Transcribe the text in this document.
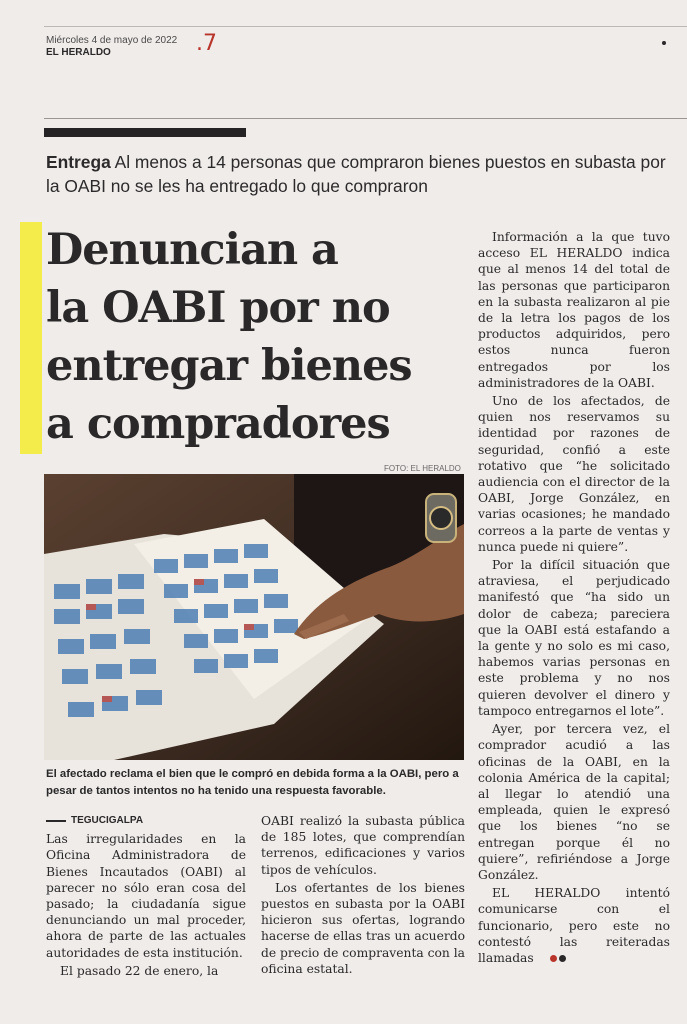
Miércoles 4 de mayo de 2022
EL HERALDO	.7
Entrega Al menos a 14 personas que compraron bienes puestos en subasta por la OABI no se les ha entregado lo que compraron
Denuncian a
la OABI por no
entregar bienes
a compradores
FOTO: EL HERALDO
El afectado reclama el bien que le compró en debida forma a la OABI, pero a pesar de tantos intentos no ha tenido una respuesta favorable.
TEGUCIGALPA

Las irregularidades en la Oficina Administradora de Bienes Incautados (OABI) al parecer no sólo eran cosa del pasado; la ciudadanía sigue denunciando un mal proceder, ahora de parte de las actuales autoridades de esta institución.

El pasado 22 de enero, la

OABI realizó la subasta pública de 185 lotes, que comprendían terrenos, edificaciones y varios tipos de vehículos.

Los ofertantes de los bienes puestos en subasta por la OABI hicieron sus ofertas, logrando hacerse de ellas tras un acuerdo de precio de compraventa con la oficina estatal.

Información a la que tuvo acceso EL HERALDO indica que al menos 14 del total de las personas que participaron en la subasta realizaron al pie de la letra los pagos de los productos adquiridos, pero estos nunca fueron entregados por los administradores de la OABI.

Uno de los afectados, de quien nos reservamos su identidad por razones de seguridad, confió a este rotativo que “he solicitado audiencia con el director de la OABI, Jorge González, en varias ocasiones; he mandado correos a la parte de ventas y nunca puede ni quiere”.

Por la difícil situación que atraviesa, el perjudicado manifestó que “ha sido un dolor de cabeza; pareciera que la OABI está estafando a la gente y no solo es mi caso, habemos varias personas en este problema y no nos quieren devolver el dinero y tampoco entregarnos el lote”.

Ayer, por tercera vez, el comprador acudió a las oficinas de la OABI, en la colonia América de la capital; al llegar lo atendió una empleada, quien le expresó que los bienes “no se entregan porque él no quiere”, refiriéndose a Jorge González.

EL HERALDO intentó comunicarse con el funcionario, pero este no contestó las reiteradas llamadas
